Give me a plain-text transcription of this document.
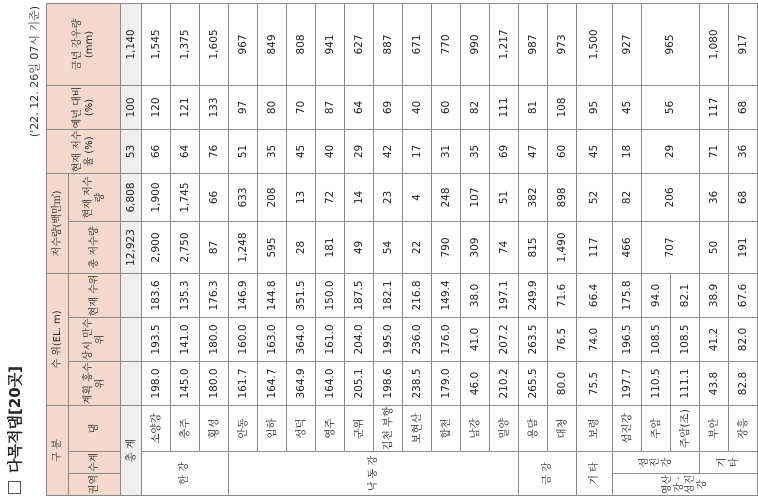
다목적댐[20곳]
('22. 12. 26일 07시 기준)
구 분			수 위(EL. m)			저수량(백만㎥)		현재 저수율 (%)	예년 대비 (%)	금년 강우량 (mm)
권역	수계	댐	계획 홍수위	상시 만수위	현재 수위	총 저수량	현재 저수량			
총 계						12,923	6,808	53	100	1,140
한 강		소양강	198.0	193.5	183.6	2,900	1,900	66	120	1,545
		충주	145.0	141.0	135.3	2,750	1,745	64	121	1,375
		횡성	180.0	180.0	176.3	87	66	76	133	1,605
낙 동 강		안동	161.7	160.0	146.9	1,248	633	51	97	967
		임하	164.7	163.0	144.8	595	208	35	80	849
		성덕	364.9	364.0	351.5	28	13	45	70	808
		영주	164.0	161.0	150.0	181	72	40	87	941
		군위	205.1	204.0	187.5	49	14	29	64	627
		김천 부항	198.6	195.0	182.1	54	23	42	69	887
		보현산	238.5	236.0	216.8	22	4	17	40	671
		합천	179.0	176.0	149.4	790	248	31	60	770
		남강	46.0	41.0	38.0	309	107	35	82	990
		밀양	210.2	207.2	197.1	74	51	69	111	1,217
금 강		용담	265.5	263.5	249.9	815	382	47	81	987
		대청	80.0	76.5	71.6	1,490	898	60	108	973
기 타		보령	75.5	74.0	66.4	117	52	45	95	1,500
영산강 · 섬진강	섬 진 강	섬진강	197.7	196.5	175.8	466	82	18	45	927
		주암	110.5	108.5	94.0	707	206	29	56	965
		주암(조)	111.1	108.5	82.1					
	기 타	부안	43.8	41.2	38.9	50	36	71	117	1,080
		장흥	82.8	82.0	67.6	191	68	36	68	917
